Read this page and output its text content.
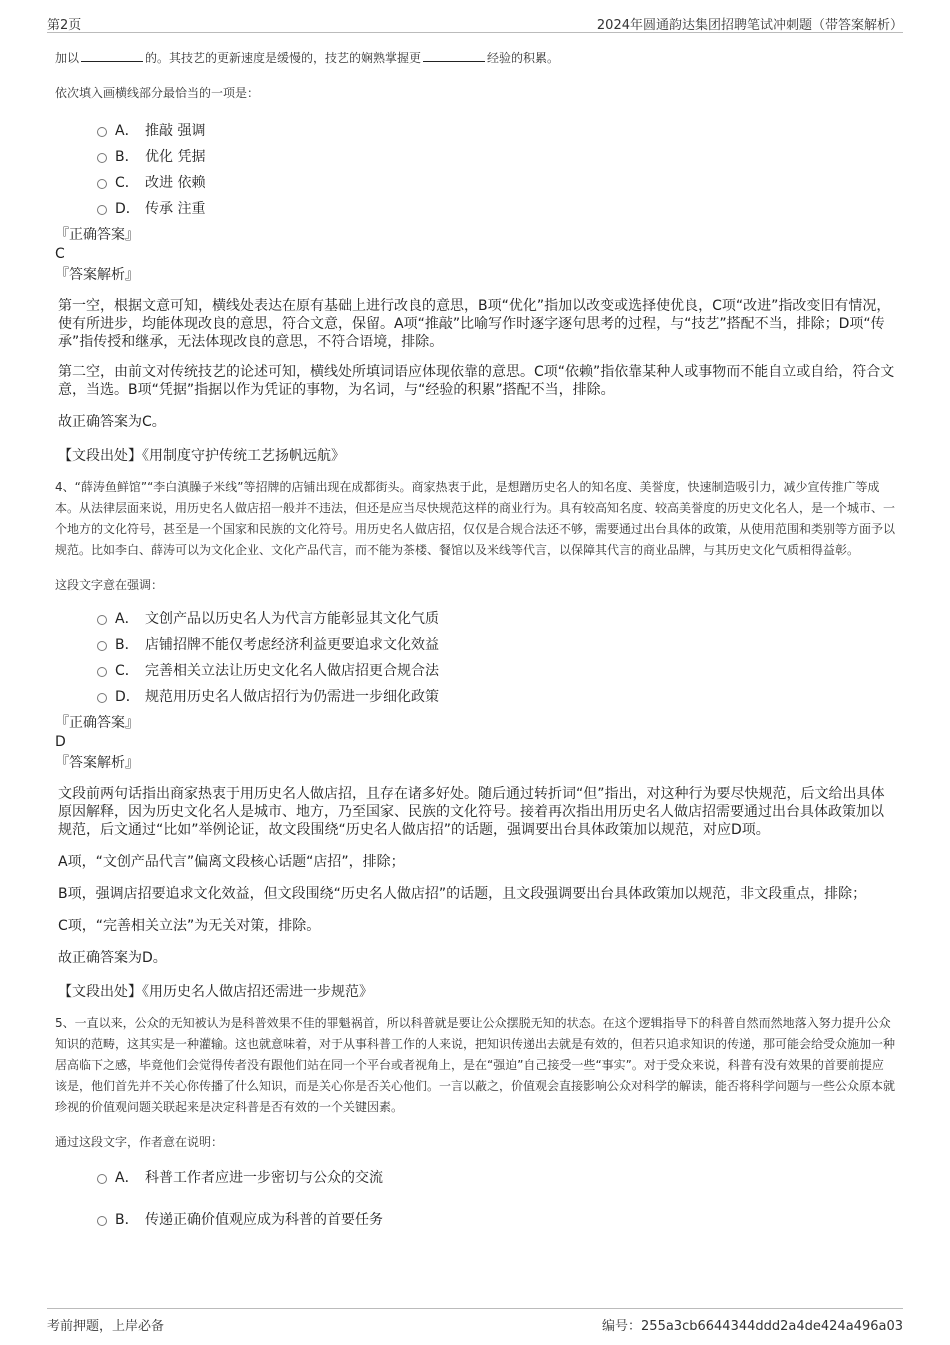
第2页	2024年圆通韵达集团招聘笔试冲刺题（带答案解析）

加以	的。其技艺的更新速度是缓慢的，技艺的娴熟掌握更	经验的积累。

依次填入画横线部分最恰当的一项是：

A． 推敲 强调
B． 优化 凭据
C． 改进 依赖
D． 传承 注重

『正确答案』

C

『答案解析』

第一空，根据文意可知，横线处表达在原有基础上进行改良的意思，B项“优化”指加以改变或选择使优良，C项“改进”指改变旧有情况，使有所进步，均能体现改良的意思，符合文意，保留。A项“推敲”比喻写作时逐字逐句思考的过程，与“技艺”搭配不当，排除；D项“传承”指传授和继承，无法体现改良的意思，不符合语境，排除。

第二空，由前文对传统技艺的论述可知，横线处所填词语应体现依靠的意思。C项“依赖”指依靠某种人或事物而不能自立或自给，符合文意，当选。B项“凭据”指据以作为凭证的事物，为名词，与“经验的积累”搭配不当，排除。

故正确答案为C。

【文段出处】《用制度守护传统工艺扬帆远航》

4、“薛涛鱼鲜馆”“李白滇臊子米线”等招牌的店铺出现在成都街头。商家热衷于此，是想蹭历史名人的知名度、美誉度，快速制造吸引力，减少宣传推广等成本。从法律层面来说，用历史名人做店招一般并不违法，但还是应当尽快规范这样的商业行为。具有较高知名度、较高美誉度的历史文化名人，是一个城市、一个地方的文化符号，甚至是一个国家和民族的文化符号。用历史名人做店招，仅仅是合规合法还不够，需要通过出台具体的政策，从使用范围和类别等方面予以规范。比如李白、薛涛可以为文化企业、文化产品代言，而不能为茶楼、餐馆以及米线等代言，以保障其代言的商业品牌，与其历史文化气质相得益彰。

这段文字意在强调：

A． 文创产品以历史名人为代言方能彰显其文化气质
B． 店铺招牌不能仅考虑经济利益更要追求文化效益
C． 完善相关立法让历史文化名人做店招更合规合法
D． 规范用历史名人做店招行为仍需进一步细化政策

『正确答案』

D

『答案解析』

文段前两句话指出商家热衷于用历史名人做店招，且存在诸多好处。随后通过转折词“但”指出，对这种行为要尽快规范，后文给出具体原因解释，因为历史文化名人是城市、地方，乃至国家、民族的文化符号。接着再次指出用历史名人做店招需要通过出台具体政策加以规范，后文通过“比如”举例论证，故文段围绕“历史名人做店招”的话题，强调要出台具体政策加以规范，对应D项。

A项，“文创产品代言”偏离文段核心话题“店招”，排除；

B项，强调店招要追求文化效益，但文段围绕“历史名人做店招”的话题，且文段强调要出台具体政策加以规范，非文段重点，排除；

C项，“完善相关立法”为无关对策，排除。

故正确答案为D。

【文段出处】《用历史名人做店招还需进一步规范》

5、一直以来，公众的无知被认为是科普效果不佳的罪魁祸首，所以科普就是要让公众摆脱无知的状态。在这个逻辑指导下的科普自然而然地落入努力提升公众知识的范畴，这其实是一种灌输。这也就意味着，对于从事科普工作的人来说，把知识传递出去就是有效的，但若只追求知识的传递，那可能会给受众施加一种居高临下之感，毕竟他们会觉得传者没有跟他们站在同一个平台或者视角上，是在“强迫”自己接受一些“事实”。对于受众来说，科普有没有效果的首要前提应该是，他们首先并不关心你传播了什么知识，而是关心你是否关心他们。一言以蔽之，价值观会直接影响公众对科学的解读，能否将科学问题与一些公众原本就珍视的价值观问题关联起来是决定科普是否有效的一个关键因素。

通过这段文字，作者意在说明：

A． 科普工作者应进一步密切与公众的交流
B． 传递正确价值观应成为科普的首要任务
考前押题，上岸必备	编号：255a3cb6644344ddd2a4de424a496a03
